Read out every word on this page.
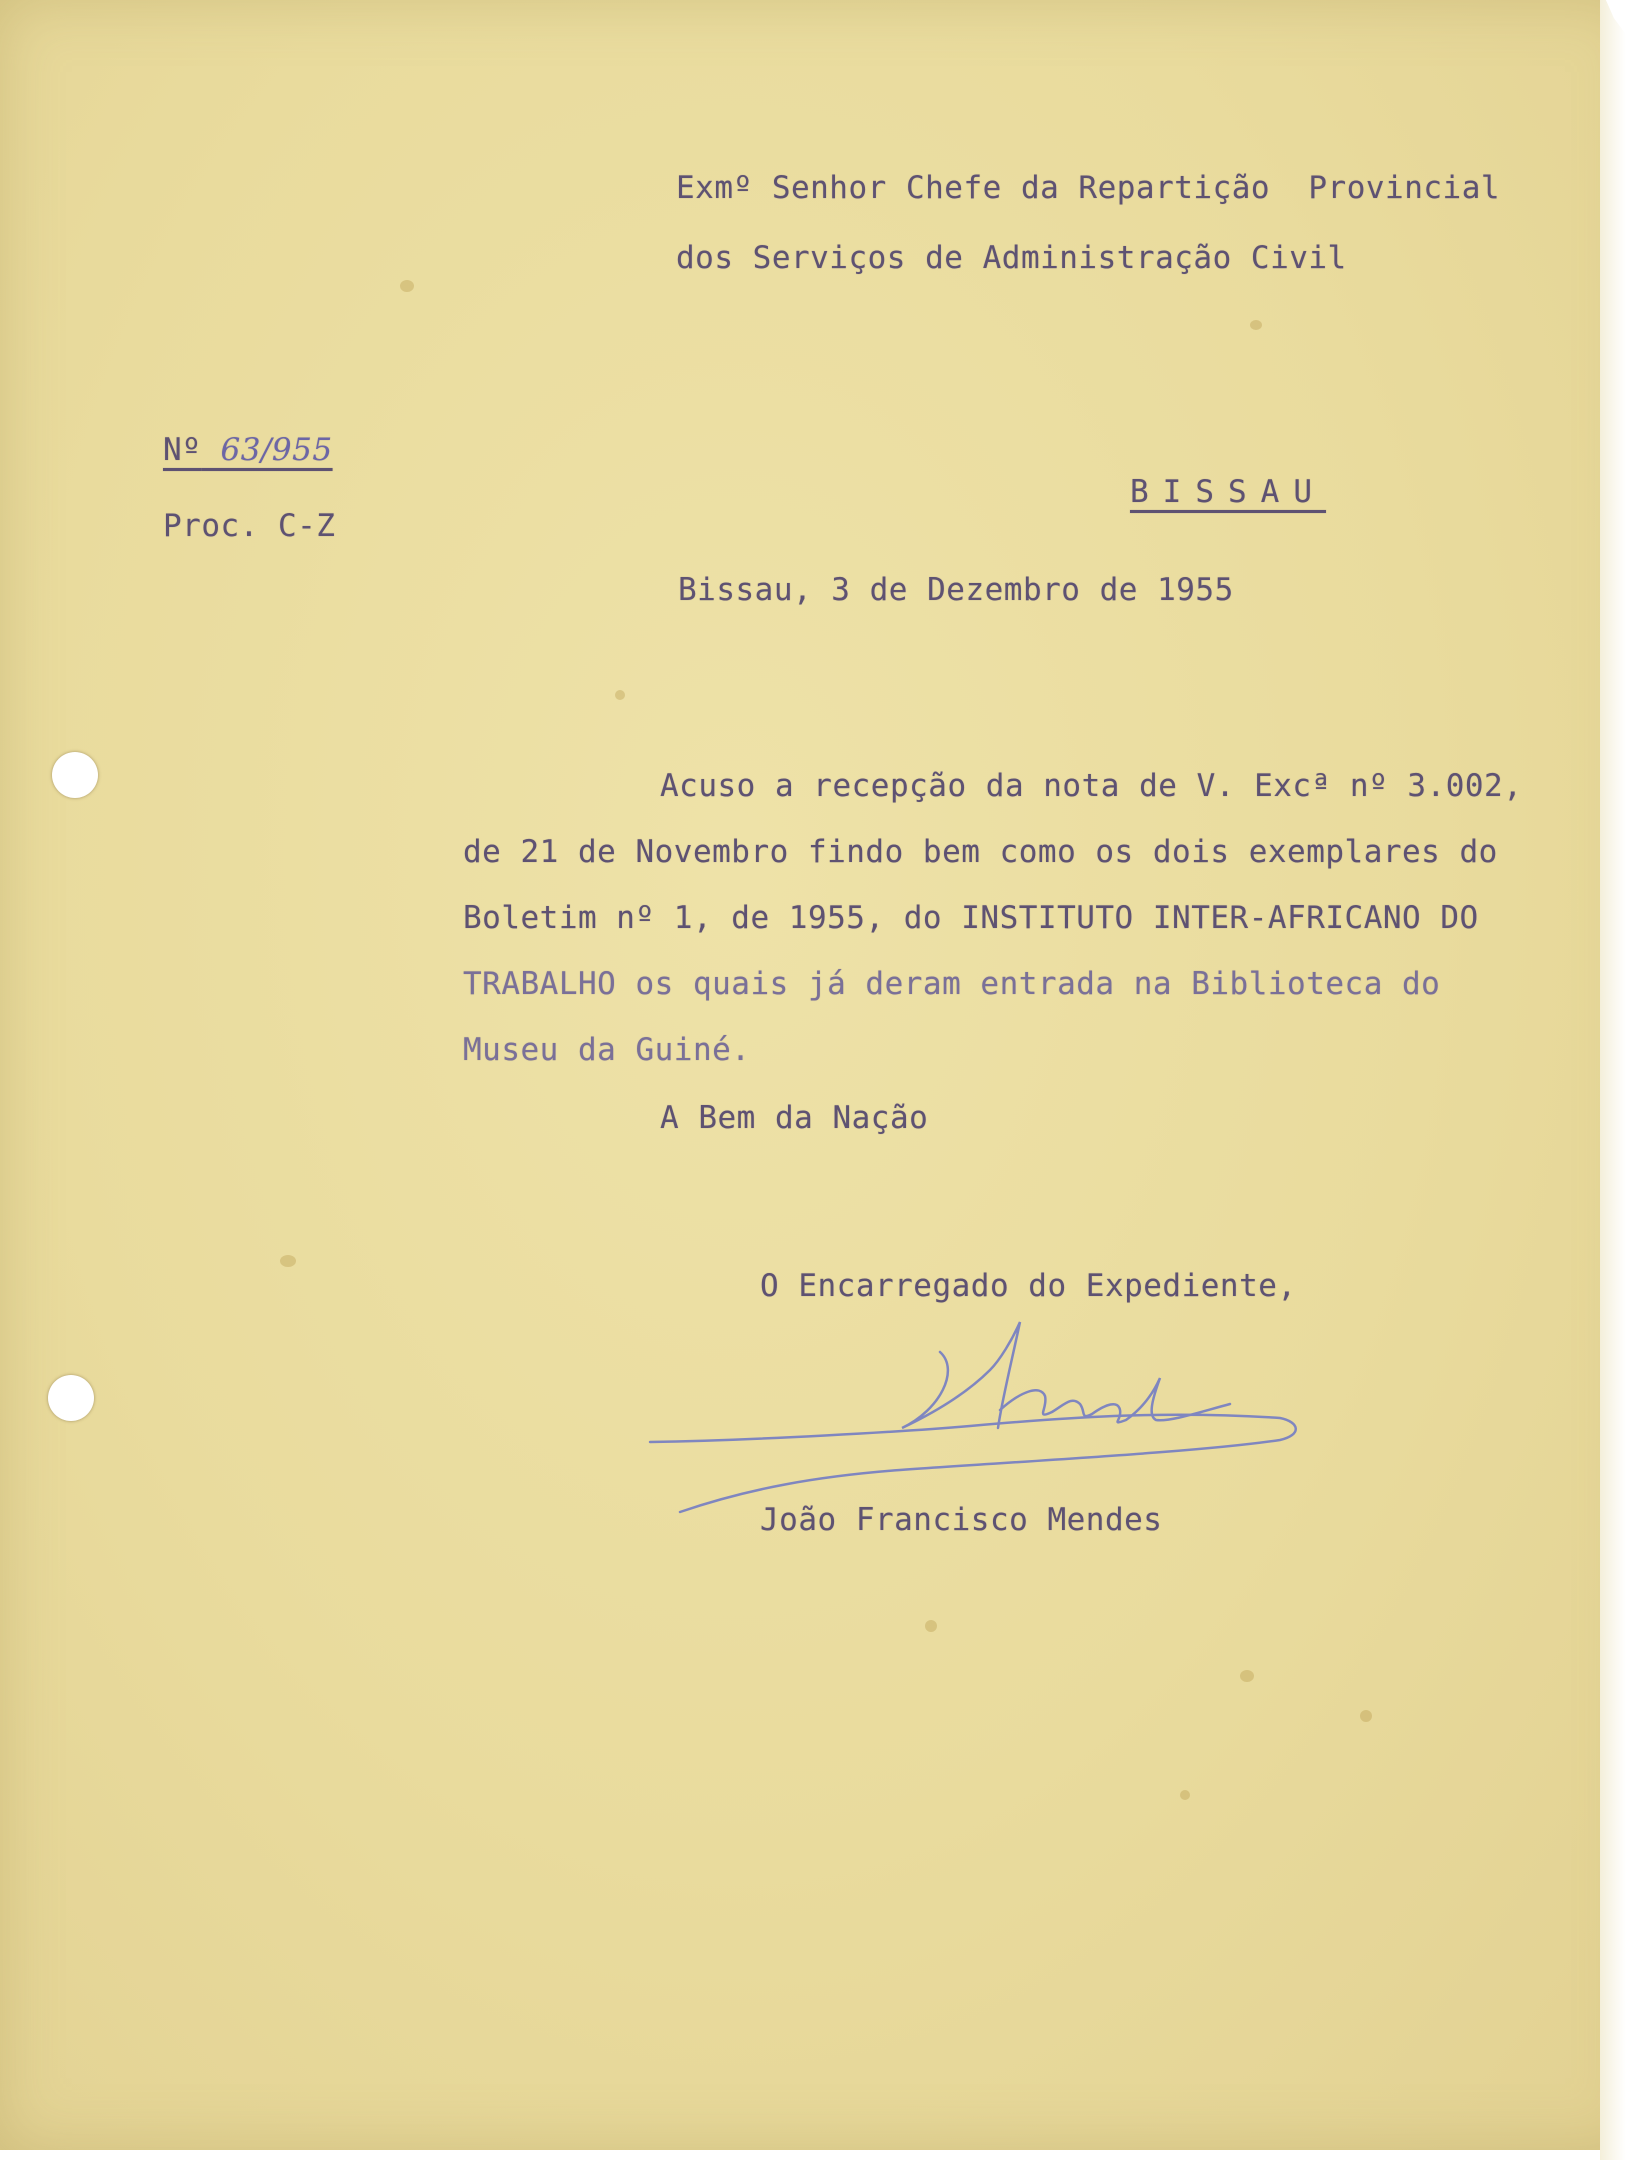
Exmº Senhor Chefe da Repartição  Provincial
dos Serviços de Administração Civil
Nº 63/955
Proc. C-Z
BISSAU
Bissau, 3 de Dezembro de 1955
Acuso a recepção da nota de V. Excª nº 3.002,
de 21 de Novembro findo bem como os dois exemplares do
Boletim nº 1, de 1955, do INSTITUTO INTER-AFRICANO DO
TRABALHO os quais já deram entrada na Biblioteca do
Museu da Guiné.
A Bem da Nação
O Encarregado do Expediente,
João Francisco Mendes
